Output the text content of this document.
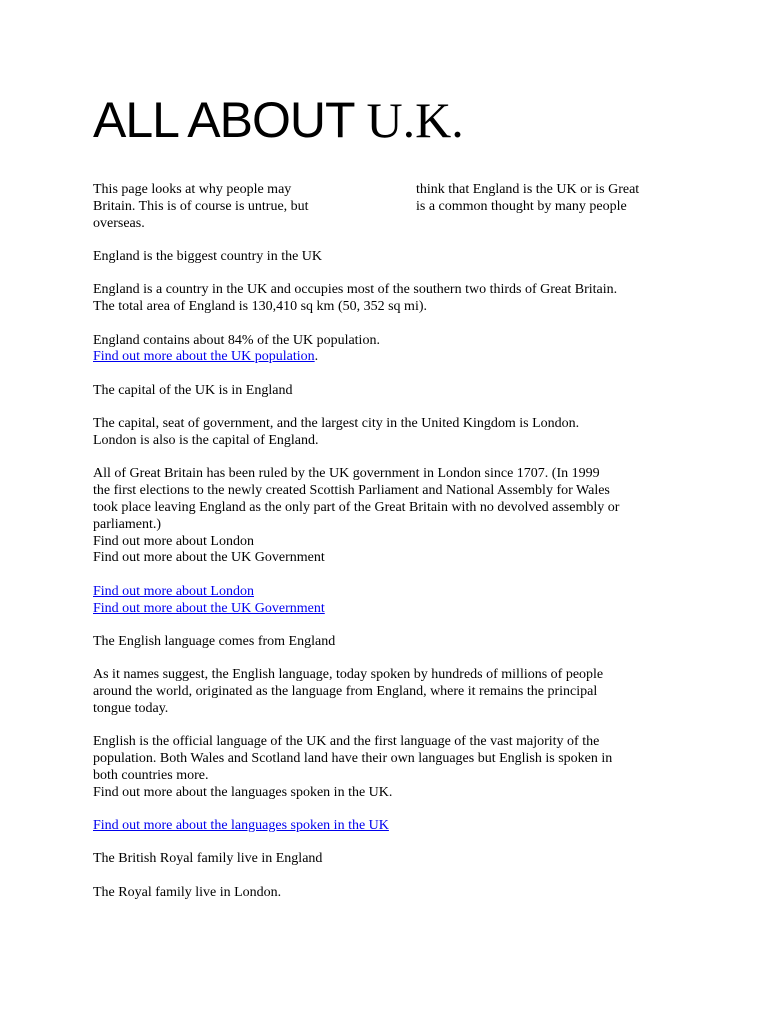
ALL ABOUT U.K.
This page looks at why people may	think that England is the UK or is Great
Britain. This is of course is untrue, but	is a common thought by many people
overseas.

England is the biggest country in the UK

England is a country in the UK and occupies most of the southern two thirds of Great Britain.
The total area of England is 130,410 sq km (50, 352 sq mi).

England contains about 84% of the UK population.
Find out more about the UK population.

The capital of the UK is in England

The capital, seat of government, and the largest city in the United Kingdom is London.
London is also is the capital of England.

All of Great Britain has been ruled by the UK government in London since 1707. (In 1999
the first elections to the newly created Scottish Parliament and National Assembly for Wales
took place leaving England as the only part of the Great Britain with no devolved assembly or
parliament.)
Find out more about London
Find out more about the UK Government

Find out more about London
Find out more about the UK Government

The English language comes from England

As it names suggest, the English language, today spoken by hundreds of millions of people
around the world, originated as the language from England, where it remains the principal
tongue today.

English is the official language of the UK and the first language of the vast majority of the
population. Both Wales and Scotland land have their own languages but English is spoken in
both countries more.
Find out more about the languages spoken in the UK.

Find out more about the languages spoken in the UK

The British Royal family live in England

The Royal family live in London.
